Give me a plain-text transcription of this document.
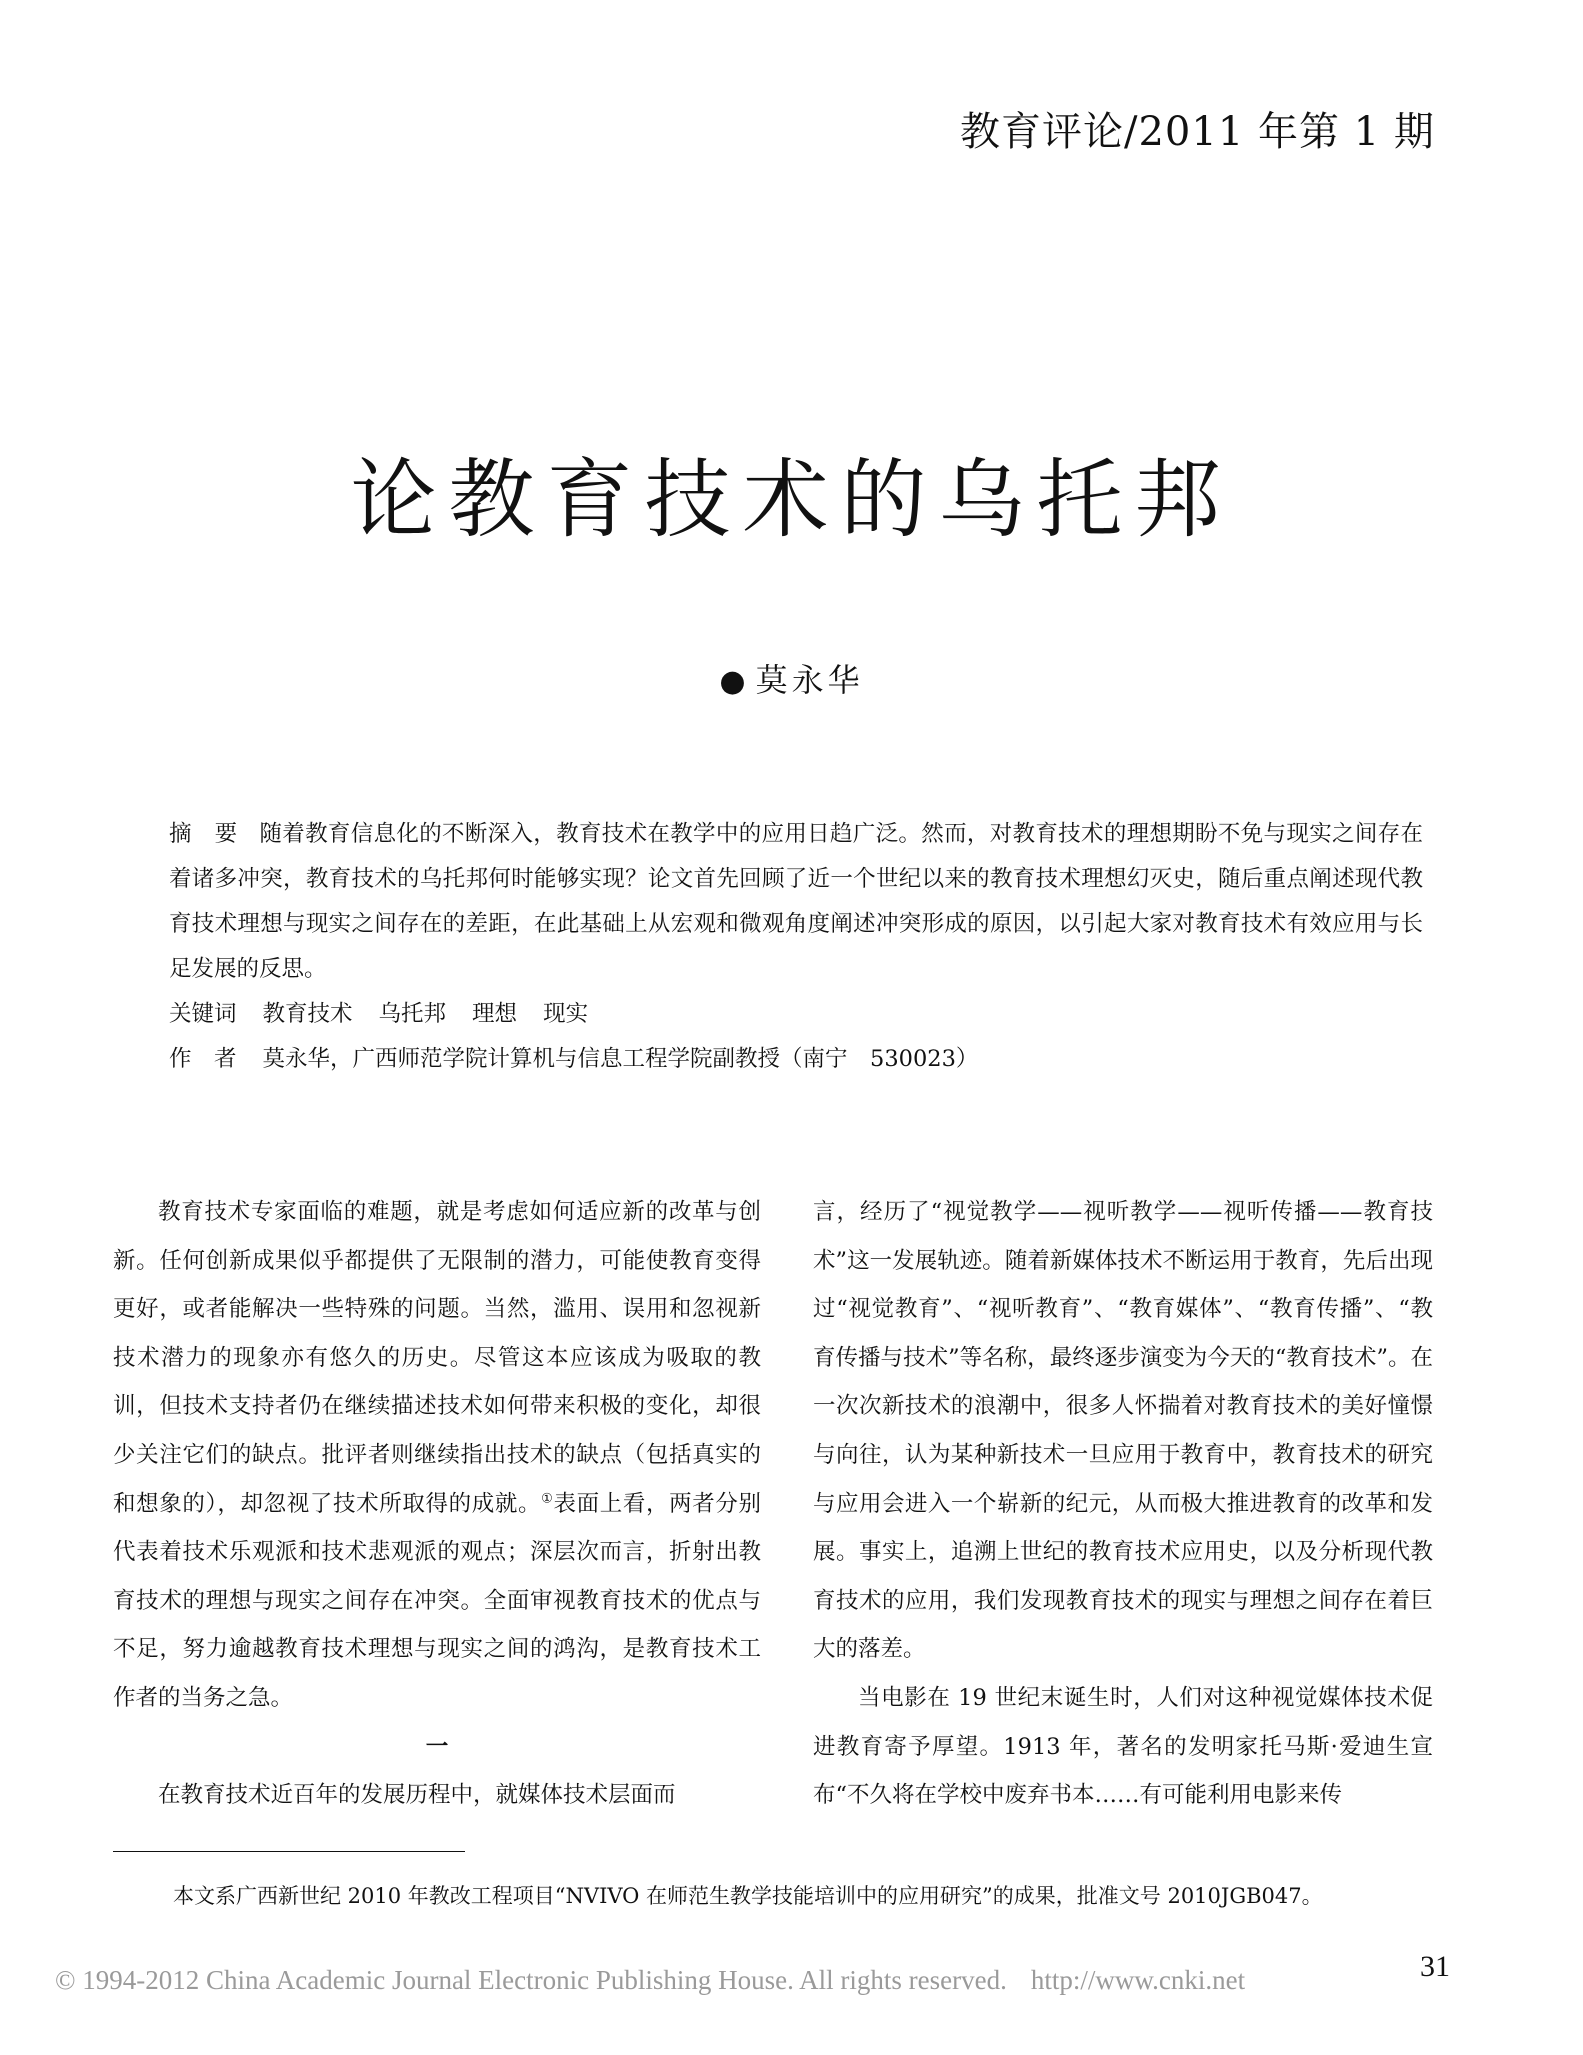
教育评论/2011 年第 1 期
论教育技术的乌托邦
● 莫永华

摘　要 随着教育信息化的不断深入，教育技术在教学中的应用日趋广泛。然而，对教育技术的理想期盼不免与现实之间存在着诸多冲突，教育技术的乌托邦何时能够实现？论文首先回顾了近一个世纪以来的教育技术理想幻灭史，随后重点阐述现代教育技术理想与现实之间存在的差距，在此基础上从宏观和微观角度阐述冲突形成的原因，以引起大家对教育技术有效应用与长足发展的反思。

关键词 教育技术 乌托邦 理想 现实
作　者 莫永华，广西师范学院计算机与信息工程学院副教授（南宁　530023）

教育技术专家面临的难题，就是考虑如何适应新的改革与创新。任何创新成果似乎都提供了无限制的潜力，可能使教育变得更好，或者能解决一些特殊的问题。当然，滥用、误用和忽视新技术潜力的现象亦有悠久的历史。尽管这本应该成为吸取的教训，但技术支持者仍在继续描述技术如何带来积极的变化，却很少关注它们的缺点。批评者则继续指出技术的缺点（包括真实的和想象的），却忽视了技术所取得的成就。①表面上看，两者分别代表着技术乐观派和技术悲观派的观点；深层次而言，折射出教育技术的理想与现实之间存在冲突。全面审视教育技术的优点与不足，努力逾越教育技术理想与现实之间的鸿沟，是教育技术工作者的当务之急。

一

在教育技术近百年的发展历程中，就媒体技术层面而

言，经历了“视觉教学——视听教学——视听传播——教育技术”这一发展轨迹。随着新媒体技术不断运用于教育，先后出现过“视觉教育”、“视听教育”、“教育媒体”、“教育传播”、“教育传播与技术”等名称，最终逐步演变为今天的“教育技术”。在一次次新技术的浪潮中，很多人怀揣着对教育技术的美好憧憬与向往，认为某种新技术一旦应用于教育中，教育技术的研究与应用会进入一个崭新的纪元，从而极大推进教育的改革和发展。事实上，追溯上世纪的教育技术应用史，以及分析现代教育技术的应用，我们发现教育技术的现实与理想之间存在着巨大的落差。

当电影在 19 世纪末诞生时，人们对这种视觉媒体技术促进教育寄予厚望。1913 年，著名的发明家托马斯·爱迪生宣布“不久将在学校中废弃书本……有可能利用电影来传

本文系广西新世纪 2010 年教改工程项目“NVIVO 在师范生教学技能培训中的应用研究”的成果，批准文号 2010JGB047。
31
© 1994-2012 China Academic Journal Electronic Publishing House. All rights reserved. http://www.cnki.net
